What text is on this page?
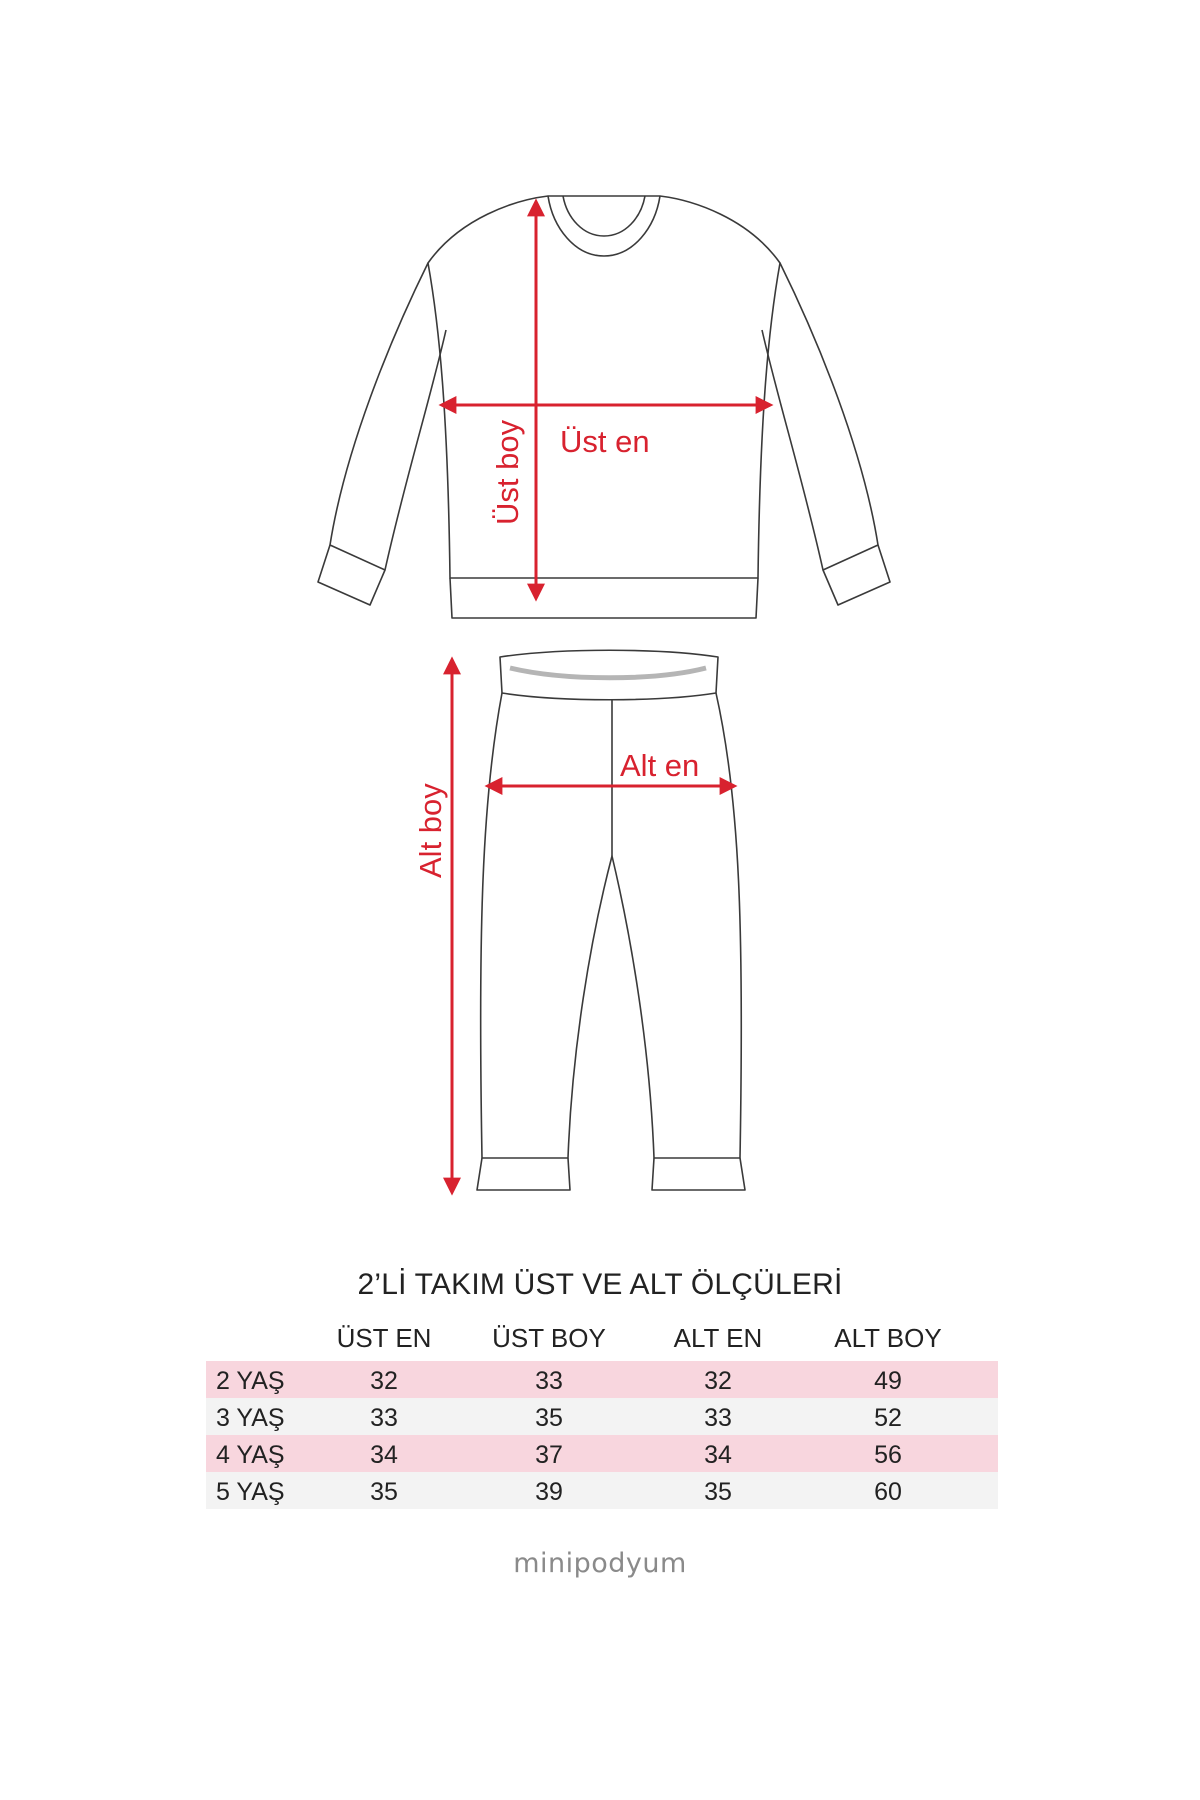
Üst en
Üst boy
Alt en
Alt boy
2’Lİ TAKIM ÜST VE ALT ÖLÇÜLERİ
ÜST EN	ÜST BOY	ALT EN	ALT BOY
2 YAŞ	32	33	32	49
3 YAŞ	33	35	33	52
4 YAŞ	34	37	34	56
5 YAŞ	35	39	35	60
minipodyum
